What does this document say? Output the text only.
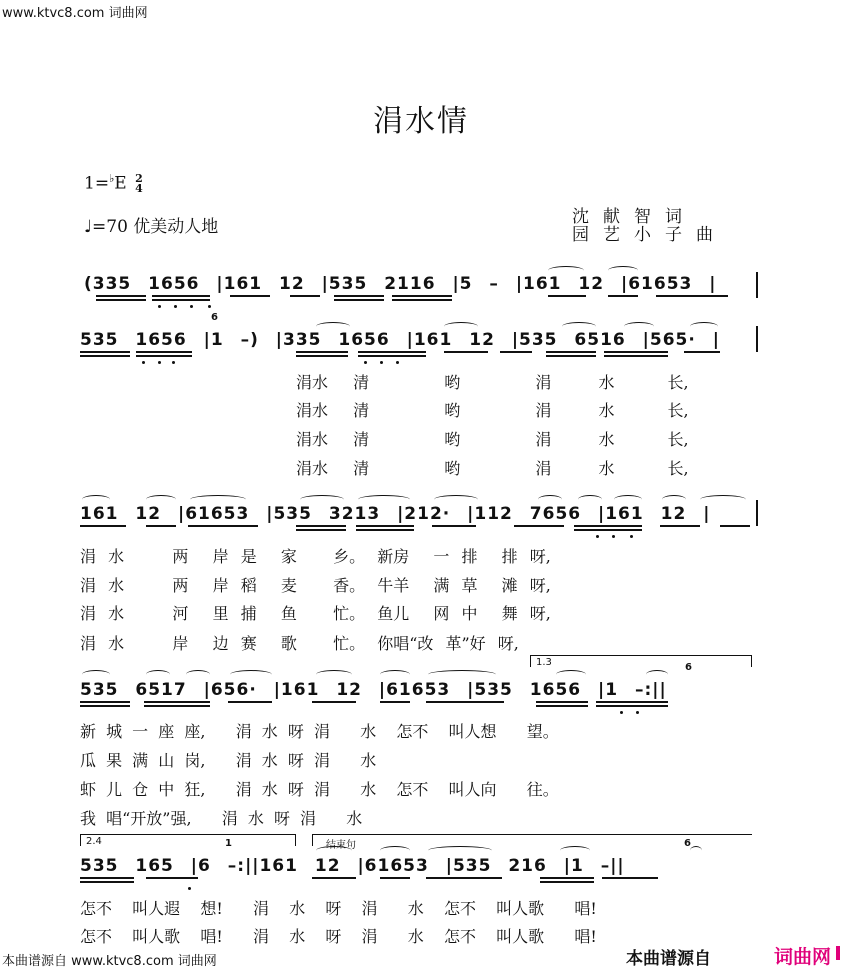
www.ktvc8.com 词曲网
涓水情
1=♭E 2
4
♩=70 优美动人地	沈献智词
园艺小子曲
(335 1656 |161 12 |535 2116 |5 – |161 12 |61653 |
535 1656 |1 –) |335 1656 |161 12 |535 6516 |565· |
6
涓水 清	哟	涓	水	长,
涓水 清	哟	涓	水	长,
涓水 清	哟	涓	水	长,
涓水 清	哟	涓	水	长,
161 12 |61653 |535 3213 |212· |112 7656 |161 12 |
涓 水    两  岸 是  家   乡。 新房  一 排  排 呀,
涓 水    两  岸 稻  麦   香。 牛羊  满 草  滩 呀,
涓 水    河  里 捕  鱼   忙。 鱼儿  网 中  舞 呀,
涓 水    岸  边 赛  歌   忙。 你唱“改 革”好 呀,
1.3
535 6517 |656· |161 12 |61653 |535 1656 |1 –:||
6
新 城 一 座 座,   涓 水 呀 涓   水  怎不  叫人想   望。
瓜 果 满 山 岗,   涓 水 呀 涓   水
虾 儿 仓 中 狂,   涓 水 呀 涓   水  怎不  叫人向   往。
我 唱“开放”强,   涓 水 呀 涓   水
2.4	结束句
535 165 |6 –:||161 12 |61653 |535 216 |1 –||
1	6
怎不  叫人遐  想!   涓  水  呀  涓   水  怎不  叫人歌   唱!
怎不  叫人歌  唱!   涓  水  呀  涓   水  怎不  叫人歌   唱!
本曲谱源自 www.ktvc8.com 词曲网	本曲谱源自	词曲网
